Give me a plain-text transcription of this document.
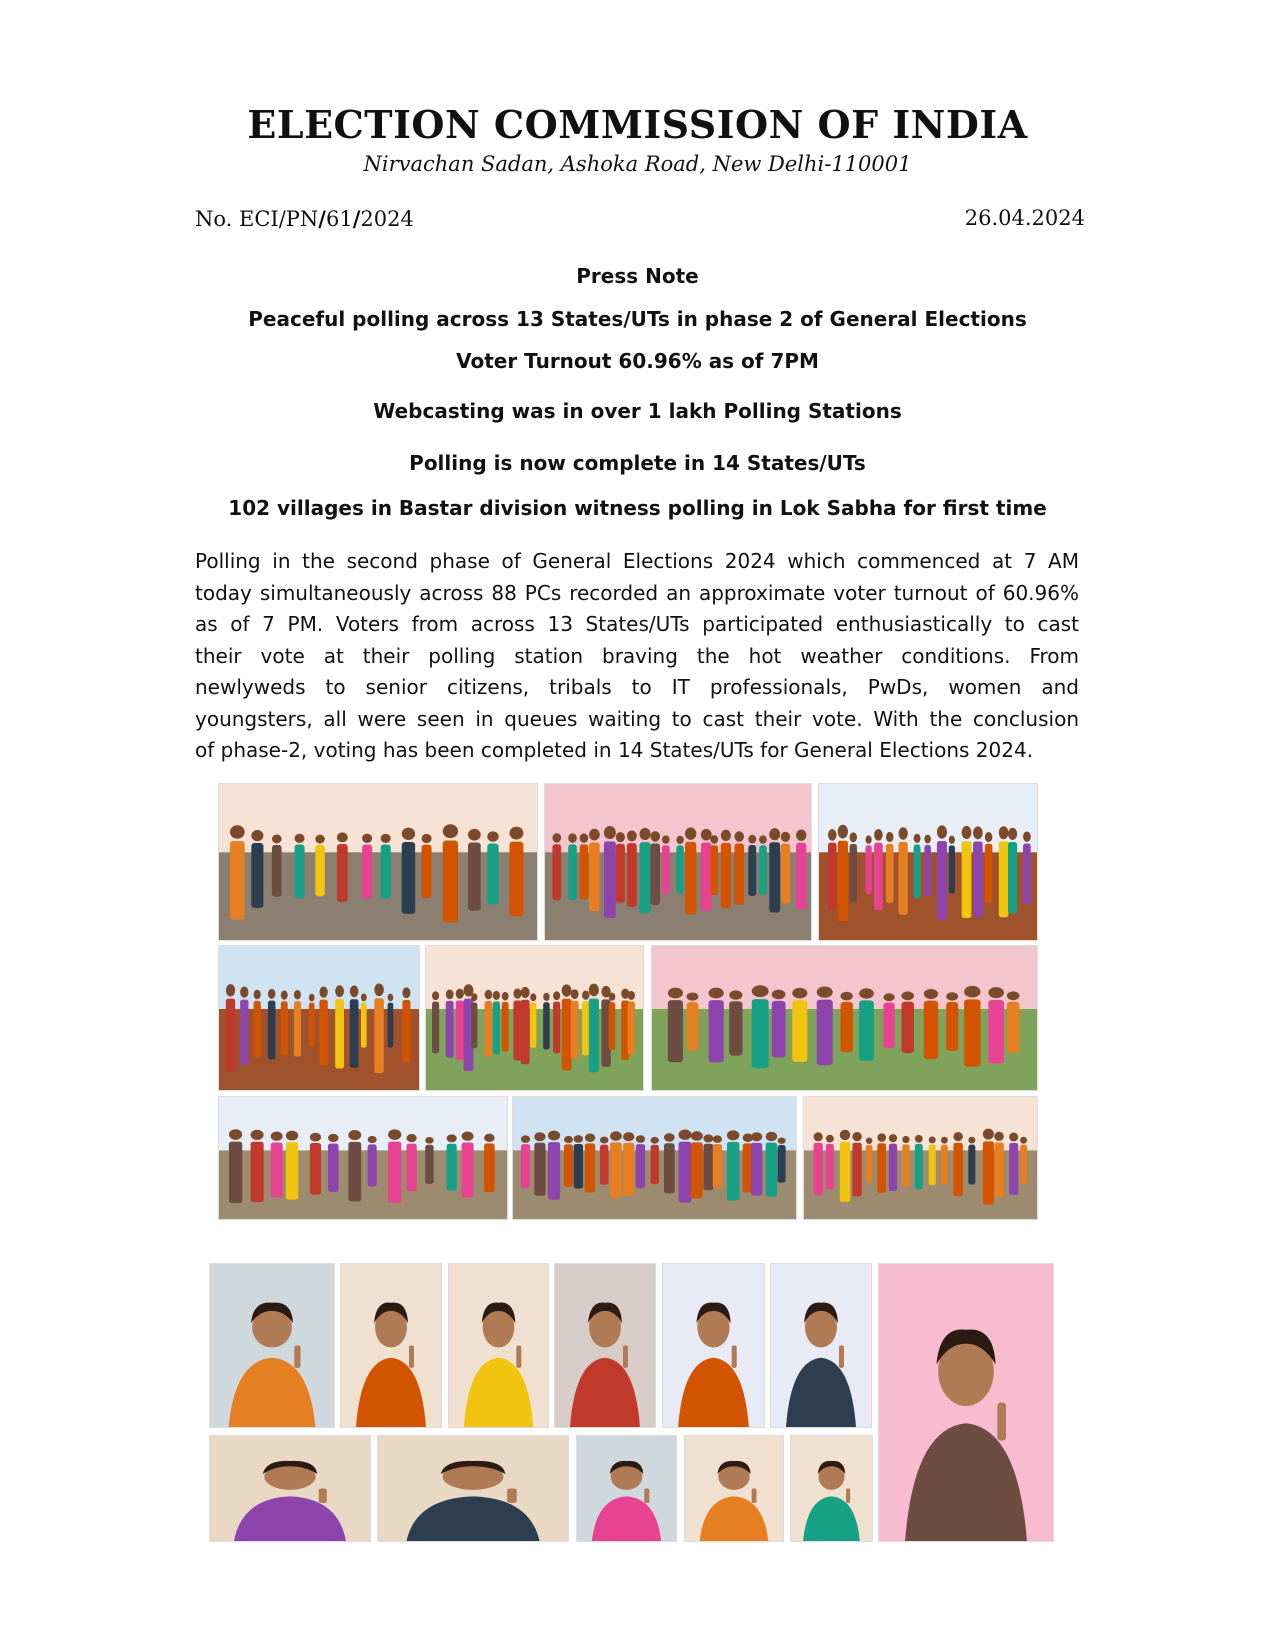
ELECTION COMMISSION OF INDIA
Nirvachan Sadan, Ashoka Road, New Delhi-110001
No. ECI/PN/61/2024	26.04.2024
Press Note
Peaceful polling across 13 States/UTs in phase 2 of General Elections
Voter Turnout 60.96% as of 7PM
Webcasting was in over 1 lakh Polling Stations
Polling is now complete in 14 States/UTs
102 villages in Bastar division witness polling in Lok Sabha for first time
Polling in the second phase of General Elections 2024 which commenced at 7 AM
today simultaneously across 88 PCs recorded an approximate voter turnout of 60.96%
as of 7 PM. Voters from across 13 States/UTs participated enthusiastically to cast
their vote at their polling station braving the hot weather conditions. From
newlyweds to senior citizens, tribals to IT professionals, PwDs, women and
youngsters, all were seen in queues waiting to cast their vote. With the conclusion
of phase-2, voting has been completed in 14 States/UTs for General Elections 2024.
